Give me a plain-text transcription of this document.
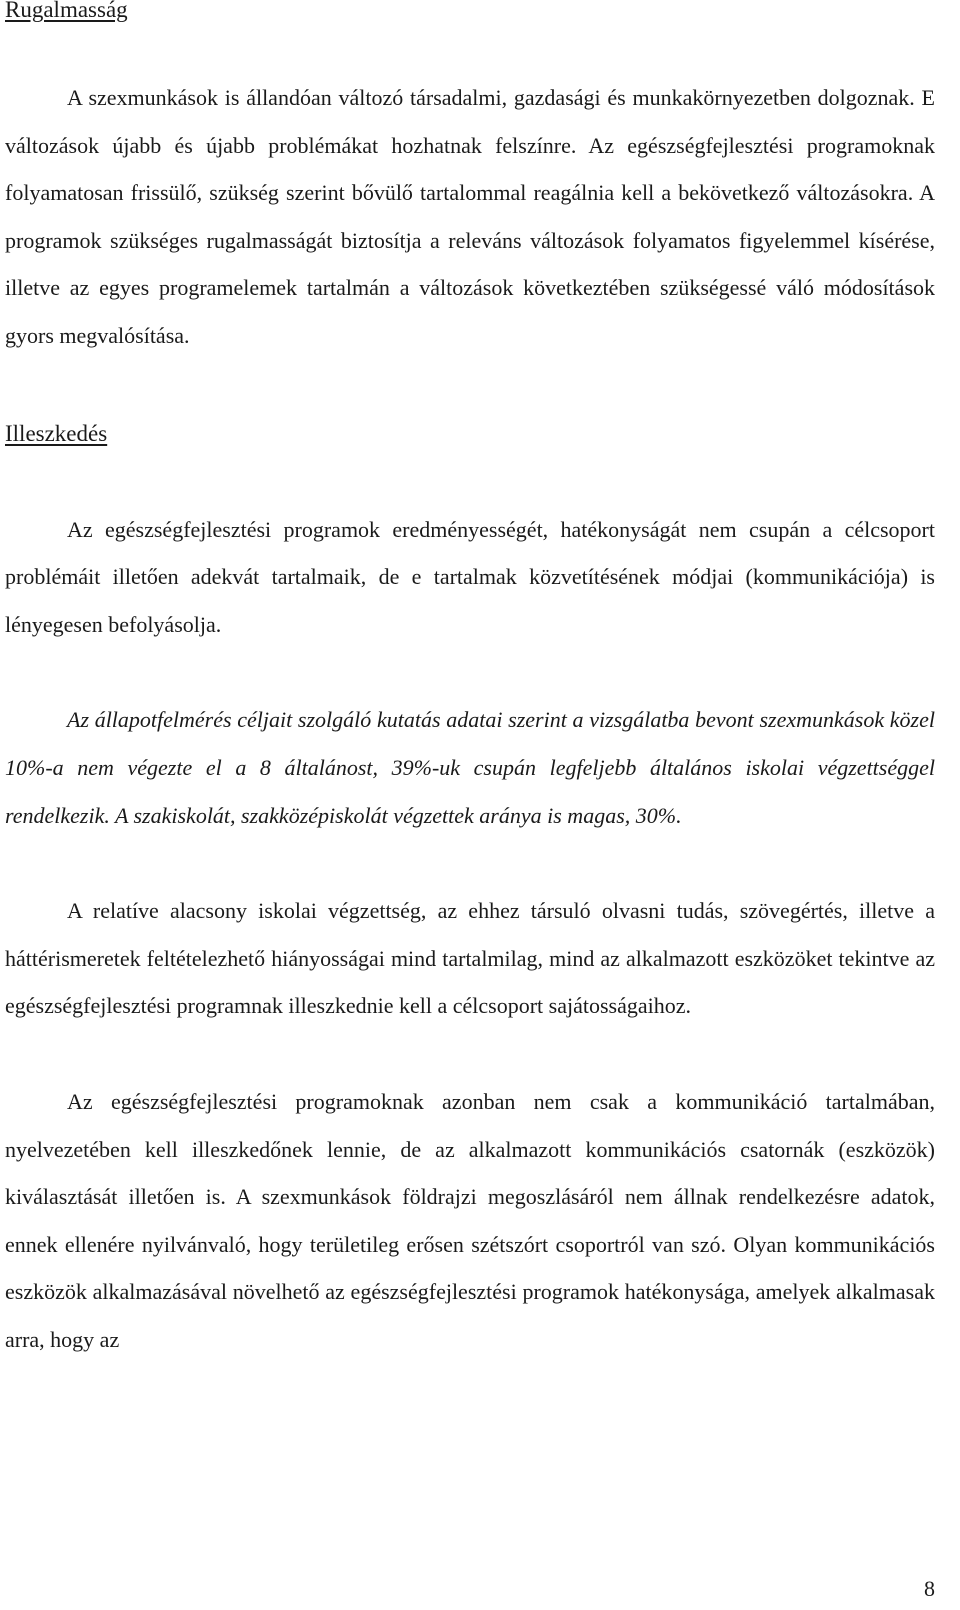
Rugalmasság

A szexmunkások is állandóan változó társadalmi, gazdasági és munkakörnyezetben dolgoznak. E változások újabb és újabb problémákat hozhatnak felszínre. Az egészségfejlesztési programoknak folyamatosan frissülő, szükség szerint bővülő tartalommal reagálnia kell a bekövetkező változásokra. A programok szükséges rugalmasságát biztosítja a releváns változások folyamatos figyelemmel kísérése, illetve az egyes programelemek tartalmán a változások következtében szükségessé váló módosítások gyors megvalósítása.

Illeszkedés

Az egészségfejlesztési programok eredményességét, hatékonyságát nem csupán a célcsoport problémáit illetően adekvát tartalmaik, de e tartalmak közvetítésének módjai (kommunikációja) is lényegesen befolyásolja.

Az állapotfelmérés céljait szolgáló kutatás adatai szerint a vizsgálatba bevont szexmunkások közel 10%-a nem végezte el a 8 általánost, 39%-uk csupán legfeljebb általános iskolai végzettséggel rendelkezik. A szakiskolát, szakközépiskolát végzettek aránya is magas, 30%.

A relatíve alacsony iskolai végzettség, az ehhez társuló olvasni tudás, szövegértés, illetve a háttérismeretek feltételezhető hiányosságai mind tartalmilag, mind az alkalmazott eszközöket tekintve az egészségfejlesztési programnak illeszkednie kell a célcsoport sajátosságaihoz.

Az egészségfejlesztési programoknak azonban nem csak a kommunikáció tartalmában, nyelvezetében kell illeszkedőnek lennie, de az alkalmazott kommunikációs csatornák (eszközök) kiválasztását illetően is. A szexmunkások földrajzi megoszlásáról nem állnak rendelkezésre adatok, ennek ellenére nyilvánvaló, hogy területileg erősen szétszórt csoportról van szó. Olyan kommunikációs eszközök alkalmazásával növelhető az egészségfejlesztési programok hatékonysága, amelyek alkalmasak arra, hogy az

8
